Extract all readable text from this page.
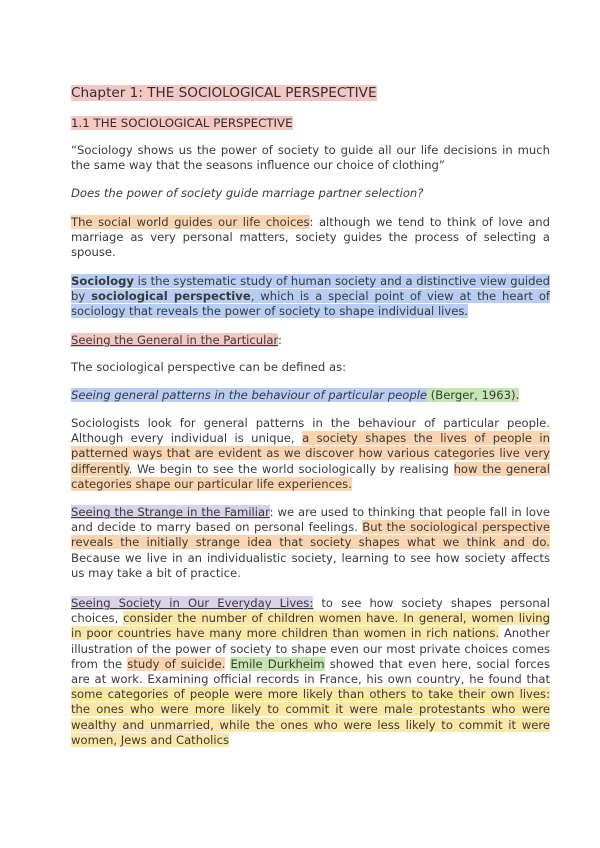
Chapter 1: THE SOCIOLOGICAL PERSPECTIVE
1.1 THE SOCIOLOGICAL PERSPECTIVE
“Sociology shows us the power of society to guide all our life decisions in much the same way that the seasons influence our choice of clothing”
Does the power of society guide marriage partner selection?
The social world guides our life choices: although we tend to think of love and marriage as very personal matters, society guides the process of selecting a spouse.
Sociology is the systematic study of human society and a distinctive view guided by sociological perspective, which is a special point of view at the heart of sociology that reveals the power of society to shape individual lives.
Seeing the General in the Particular:
The sociological perspective can be defined as:
Seeing general patterns in the behaviour of particular people (Berger, 1963).
Sociologists look for general patterns in the behaviour of particular people. Although every individual is unique, a society shapes the lives of people in patterned ways that are evident as we discover how various categories live very differently. We begin to see the world sociologically by realising how the general categories shape our particular life experiences.
Seeing the Strange in the Familiar: we are used to thinking that people fall in love and decide to marry based on personal feelings. But the sociological perspective reveals the initially strange idea that society shapes what we think and do. Because we live in an individualistic society, learning to see how society affects us may take a bit of practice.
Seeing Society in Our Everyday Lives: to see how society shapes personal choices, consider the number of children women have. In general, women living in poor countries have many more children than women in rich nations. Another illustration of the power of society to shape even our most private choices comes from the study of suicide. Emile Durkheim showed that even here, social forces are at work. Examining official records in France, his own country, he found that some categories of people were more likely than others to take their own lives: the ones who were more likely to commit it were male protestants who were wealthy and unmarried, while the ones who were less likely to commit it were women, Jews and Catholics
